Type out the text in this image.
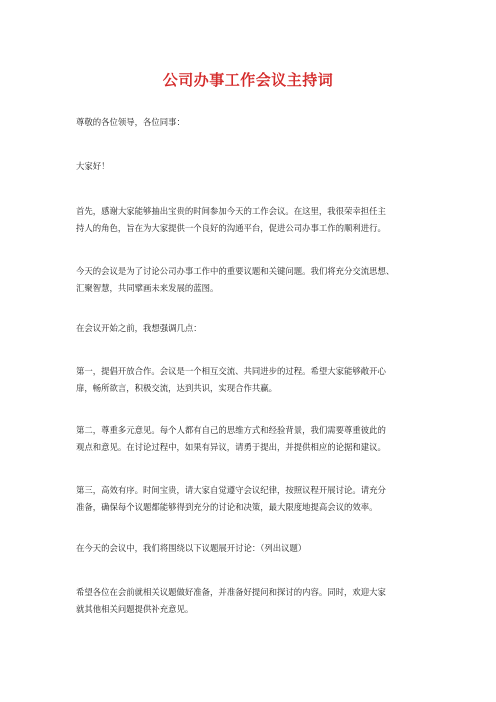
公司办事工作会议主持词

尊敬的各位领导，各位同事：

大家好！

首先，感谢大家能够抽出宝贵的时间参加今天的工作会议。在这里，我很荣幸担任主
持人的角色，旨在为大家提供一个良好的沟通平台，促进公司办事工作的顺利进行。

今天的会议是为了讨论公司办事工作中的重要议题和关键问题。我们将充分交流思想、
汇聚智慧，共同擘画未来发展的蓝图。

在会议开始之前，我想强调几点：

第一，提倡开放合作。会议是一个相互交流、共同进步的过程。希望大家能够敞开心
扉，畅所欲言，积极交流，达到共识，实现合作共赢。

第二，尊重多元意见。每个人都有自己的思维方式和经验背景，我们需要尊重彼此的
观点和意见。在讨论过程中，如果有异议，请勇于提出，并提供相应的论据和建议。

第三，高效有序。时间宝贵，请大家自觉遵守会议纪律，按照议程开展讨论。请充分
准备，确保每个议题都能够得到充分的讨论和决策，最大限度地提高会议的效率。

在今天的会议中，我们将围绕以下议题展开讨论：（列出议题）

希望各位在会前就相关议题做好准备，并准备好提问和探讨的内容。同时，欢迎大家
就其他相关问题提供补充意见。
